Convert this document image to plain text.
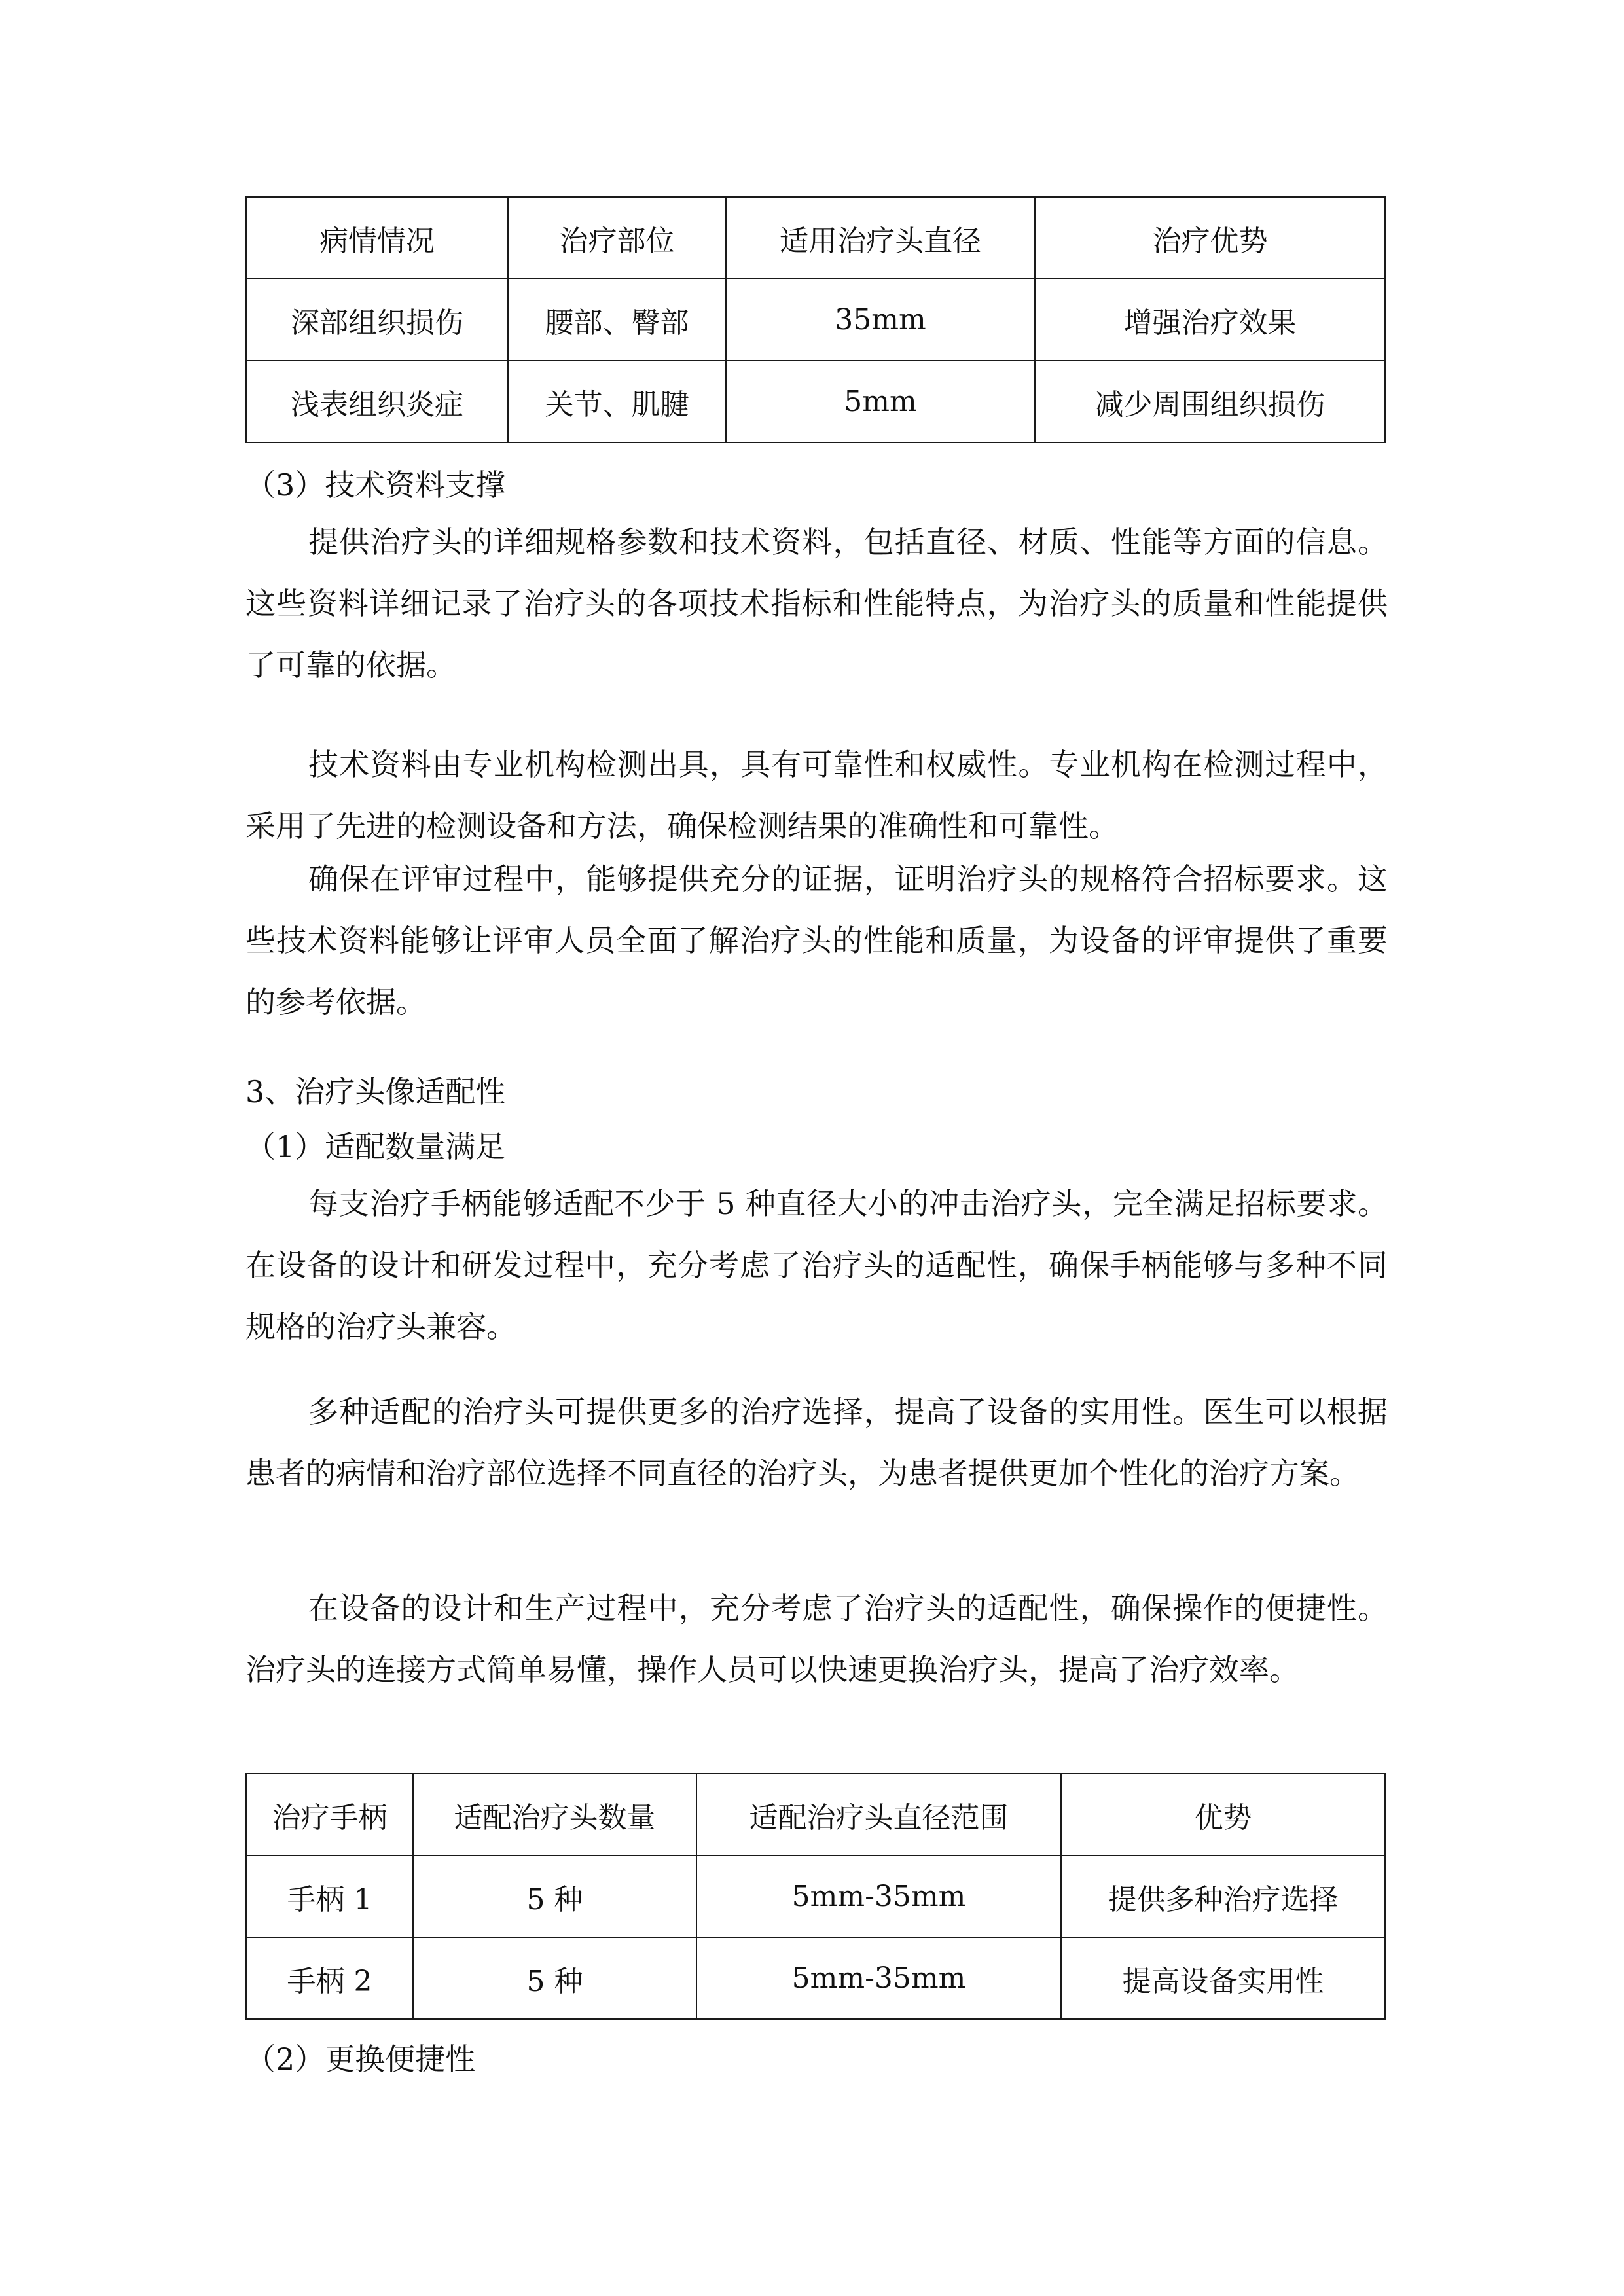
病情情况	治疗部位	适用治疗头直径	治疗优势
深部组织损伤	腰部、臀部	35mm	增强治疗效果
浅表组织炎症	关节、肌腱	5mm	减少周围组织损伤
（3）技术资料支撑
提供治疗头的详细规格参数和技术资料，包括直径、材质、性能等方面的信息。这些资料详细记录了治疗头的各项技术指标和性能特点，为治疗头的质量和性能提供了可靠的依据。
技术资料由专业机构检测出具，具有可靠性和权威性。专业机构在检测过程中，采用了先进的检测设备和方法，确保检测结果的准确性和可靠性。
确保在评审过程中，能够提供充分的证据，证明治疗头的规格符合招标要求。这些技术资料能够让评审人员全面了解治疗头的性能和质量，为设备的评审提供了重要的参考依据。
3、治疗头像适配性
（1）适配数量满足
每支治疗手柄能够适配不少于 5 种直径大小的冲击治疗头，完全满足招标要求。在设备的设计和研发过程中，充分考虑了治疗头的适配性，确保手柄能够与多种不同规格的治疗头兼容。
多种适配的治疗头可提供更多的治疗选择，提高了设备的实用性。医生可以根据患者的病情和治疗部位选择不同直径的治疗头，为患者提供更加个性化的治疗方案。
在设备的设计和生产过程中，充分考虑了治疗头的适配性，确保操作的便捷性。治疗头的连接方式简单易懂，操作人员可以快速更换治疗头，提高了治疗效率。
治疗手柄	适配治疗头数量	适配治疗头直径范围	优势
手柄 1	5 种	5mm-35mm	提供多种治疗选择
手柄 2	5 种	5mm-35mm	提高设备实用性
（2）更换便捷性
